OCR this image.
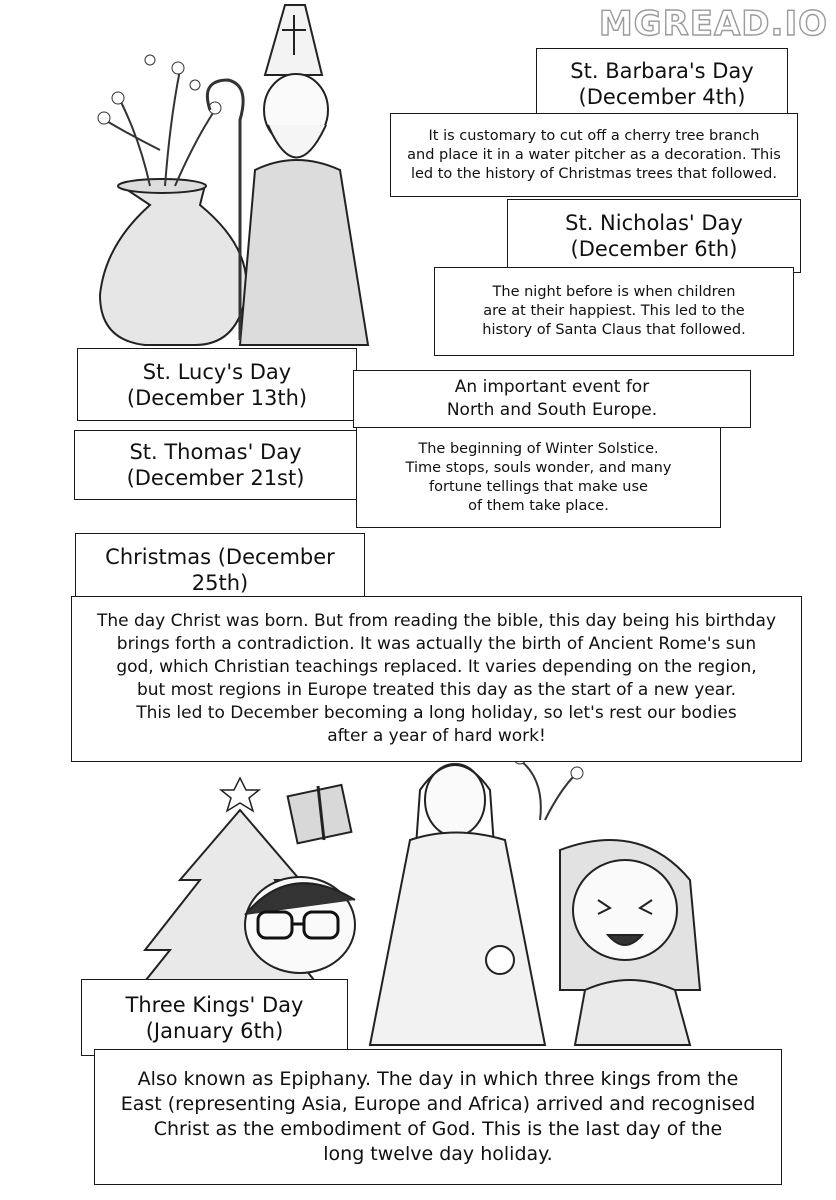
MGREAD.IO
St. Barbara's Day
(December 4th)
It is customary to cut off a cherry tree branch
and place it in a water pitcher as a decoration. This
led to the history of Christmas trees that followed.
St. Nicholas' Day
(December 6th)
The night before is when children
are at their happiest. This led to the
history of Santa Claus that followed.
St. Lucy's Day
(December 13th)	An important event for
North and South Europe.
St. Thomas' Day
(December 21st)
The beginning of Winter Solstice.
Time stops, souls wonder, and many
fortune tellings that make use
of them take place.
Christmas (December 25th)
The day Christ was born. But from reading the bible, this day being his birthday
brings forth a contradiction. It was actually the birth of Ancient Rome's sun
god, which Christian teachings replaced. It varies depending on the region,
but most regions in Europe treated this day as the start of a new year.
This led to December becoming a long holiday, so let's rest our bodies
after a year of hard work!
Three Kings' Day
(January 6th)
Also known as Epiphany. The day in which three kings from the
East (representing Asia, Europe and Africa) arrived and recognised
Christ as the embodiment of God. This is the last day of the
long twelve day holiday.
